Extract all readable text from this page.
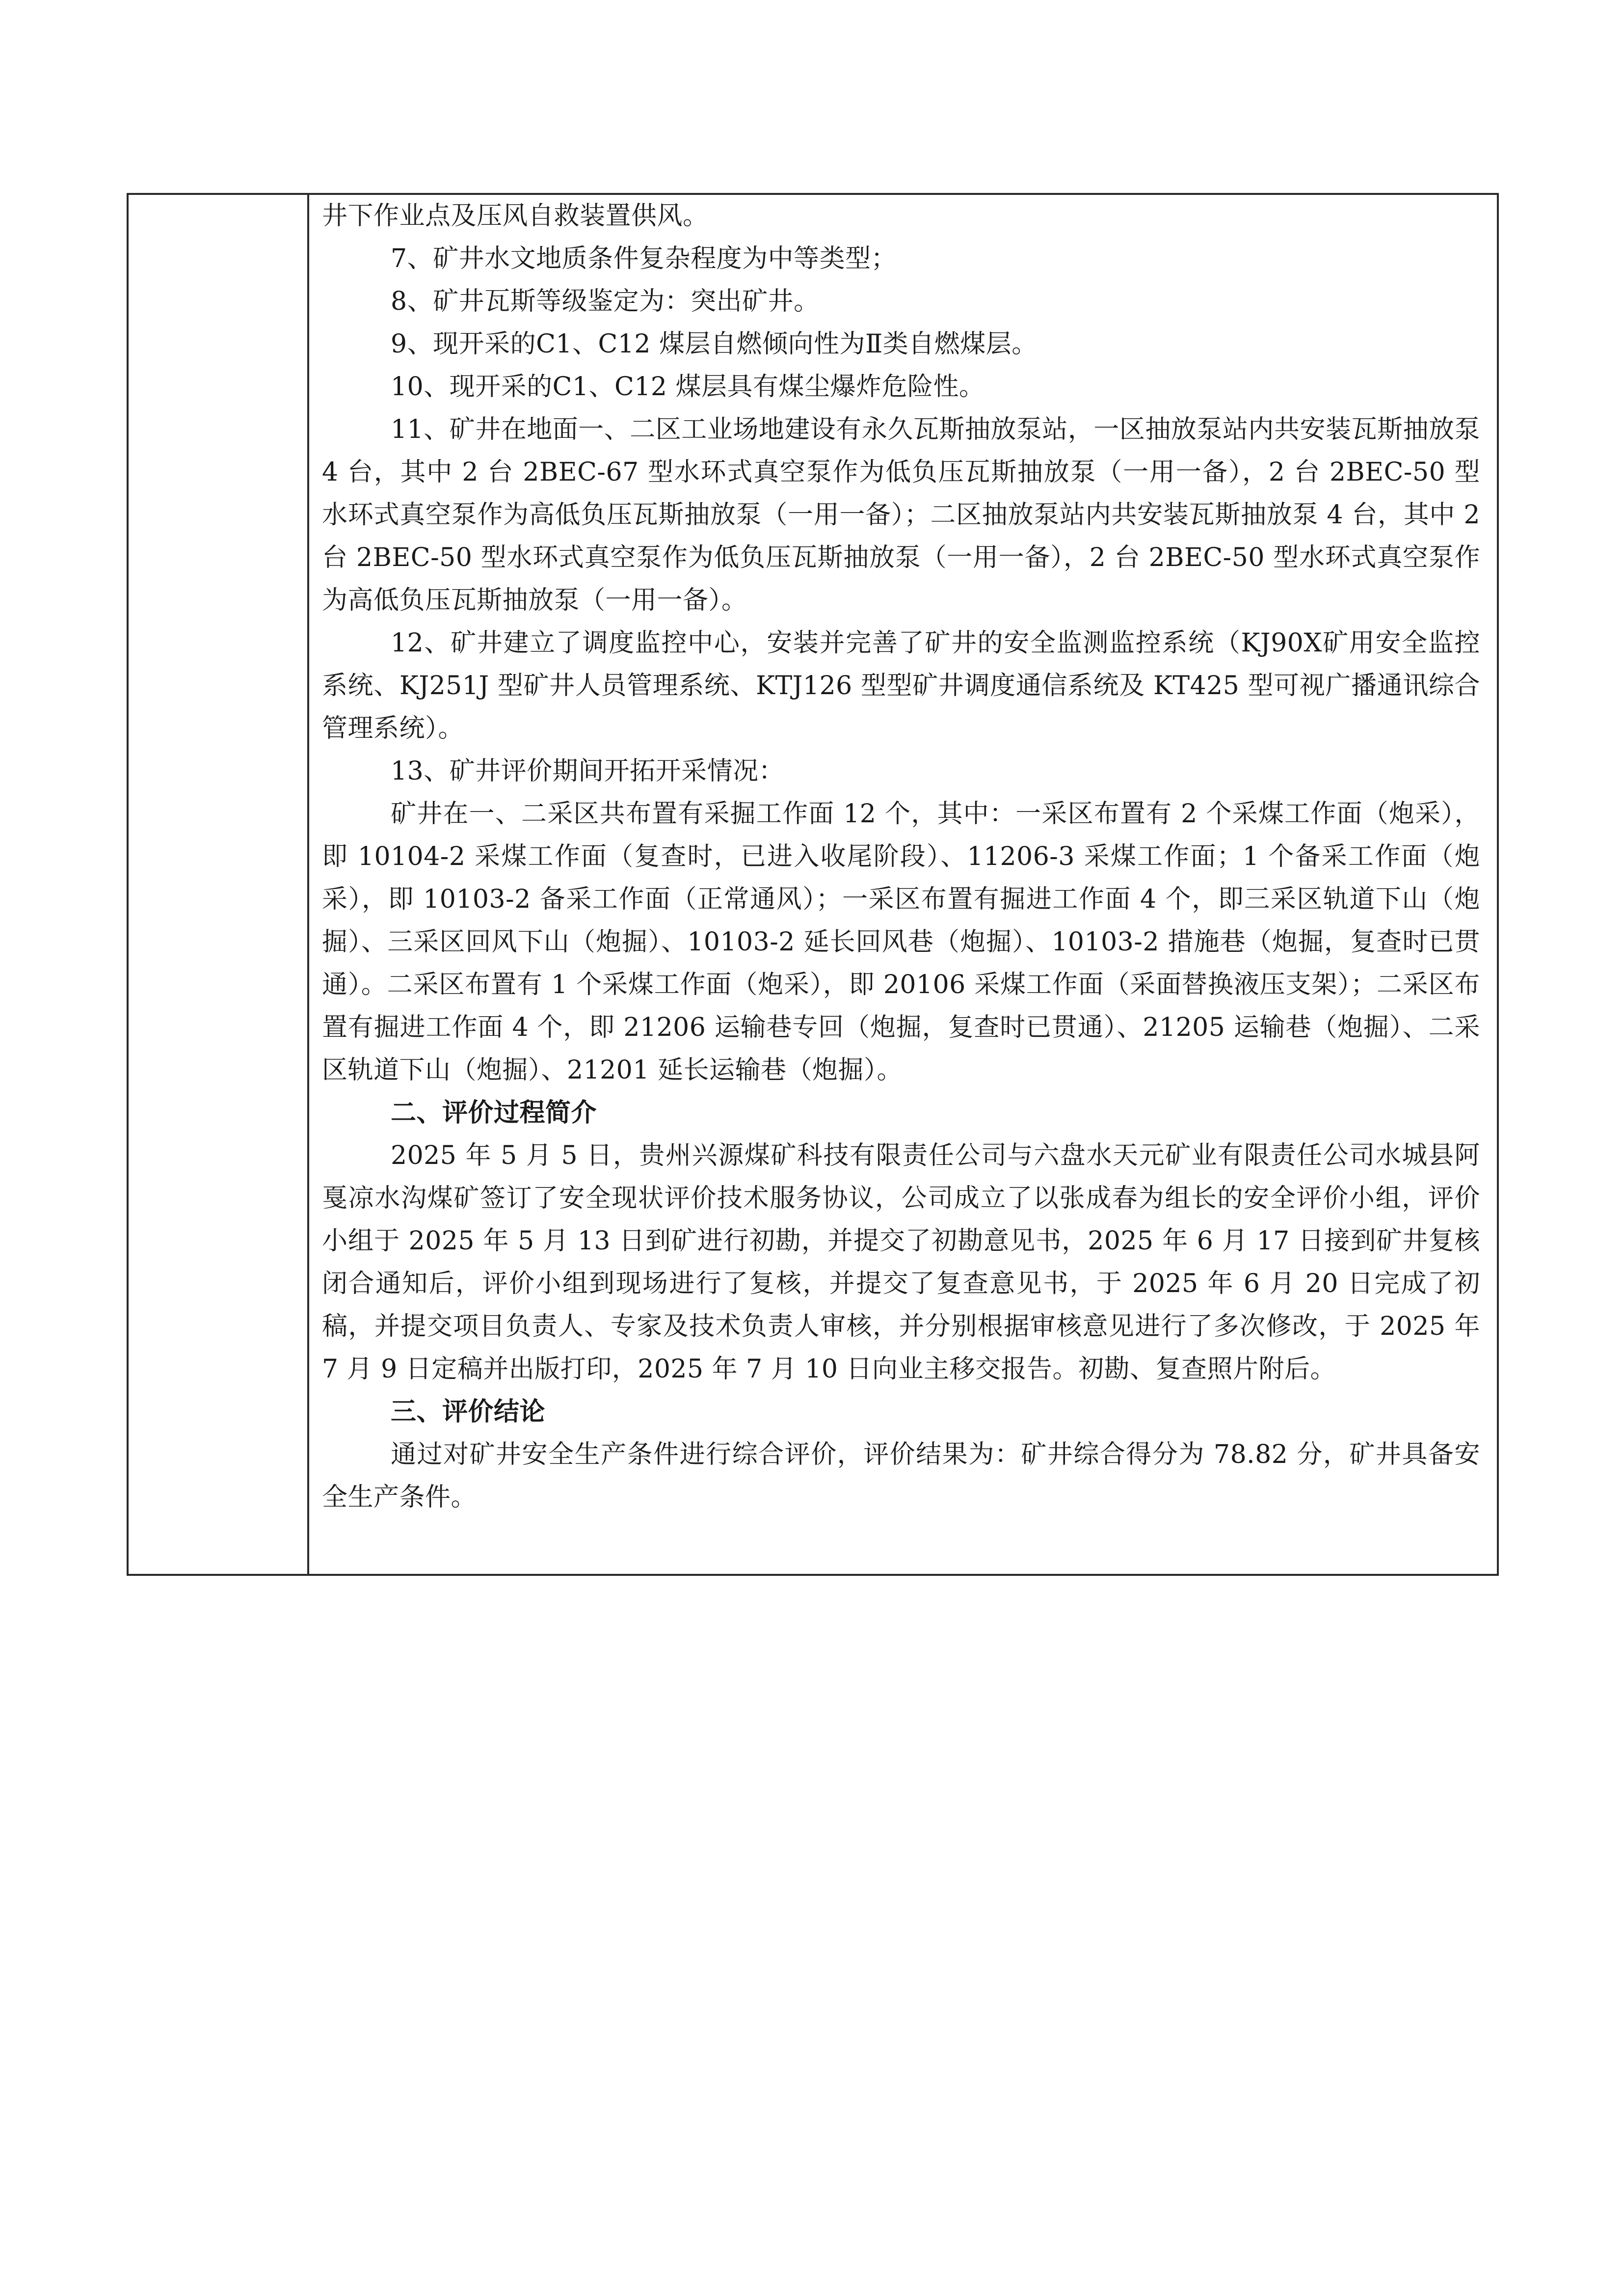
井下作业点及压风自救装置供风。

7、矿井水文地质条件复杂程度为中等类型；

8、矿井瓦斯等级鉴定为：突出矿井。

9、现开采的C1、C12 煤层自燃倾向性为Ⅱ类自燃煤层。

10、现开采的C1、C12 煤层具有煤尘爆炸危险性。

11、矿井在地面一、二区工业场地建设有永久瓦斯抽放泵站，一区抽放泵站内共安装瓦斯抽放泵 4 台，其中 2 台 2BEC-67 型水环式真空泵作为低负压瓦斯抽放泵（一用一备），2 台 2BEC-50 型水环式真空泵作为高低负压瓦斯抽放泵（一用一备）；二区抽放泵站内共安装瓦斯抽放泵 4 台，其中 2 台 2BEC-50 型水环式真空泵作为低负压瓦斯抽放泵（一用一备），2 台 2BEC-50 型水环式真空泵作为高低负压瓦斯抽放泵（一用一备）。

12、矿井建立了调度监控中心，安装并完善了矿井的安全监测监控系统（KJ90X矿用安全监控系统、KJ251J 型矿井人员管理系统、KTJ126 型型矿井调度通信系统及 KT425 型可视广播通讯综合管理系统）。

13、矿井评价期间开拓开采情况：

矿井在一、二采区共布置有采掘工作面 12 个，其中：一采区布置有 2 个采煤工作面（炮采），即 10104-2 采煤工作面（复查时，已进入收尾阶段）、11206-3 采煤工作面；1 个备采工作面（炮采），即 10103-2 备采工作面（正常通风）；一采区布置有掘进工作面 4 个，即三采区轨道下山（炮掘）、三采区回风下山（炮掘）、10103-2 延长回风巷（炮掘）、10103-2 措施巷（炮掘，复查时已贯通）。二采区布置有 1 个采煤工作面（炮采），即 20106 采煤工作面（采面替换液压支架）；二采区布置有掘进工作面 4 个，即 21206 运输巷专回（炮掘，复查时已贯通）、21205 运输巷（炮掘）、二采区轨道下山（炮掘）、21201 延长运输巷（炮掘）。

二、评价过程简介

2025 年 5 月 5 日，贵州兴源煤矿科技有限责任公司与六盘水天元矿业有限责任公司水城县阿戛凉水沟煤矿签订了安全现状评价技术服务协议，公司成立了以张成春为组长的安全评价小组，评价小组于 2025 年 5 月 13 日到矿进行初勘，并提交了初勘意见书，2025 年 6 月 17 日接到矿井复核闭合通知后，评价小组到现场进行了复核，并提交了复查意见书，于 2025 年 6 月 20 日完成了初稿，并提交项目负责人、专家及技术负责人审核，并分别根据审核意见进行了多次修改，于 2025 年 7 月 9 日定稿并出版打印，2025 年 7 月 10 日向业主移交报告。初勘、复查照片附后。

三、评价结论

通过对矿井安全生产条件进行综合评价，评价结果为：矿井综合得分为 78.82 分，矿井具备安全生产条件。
